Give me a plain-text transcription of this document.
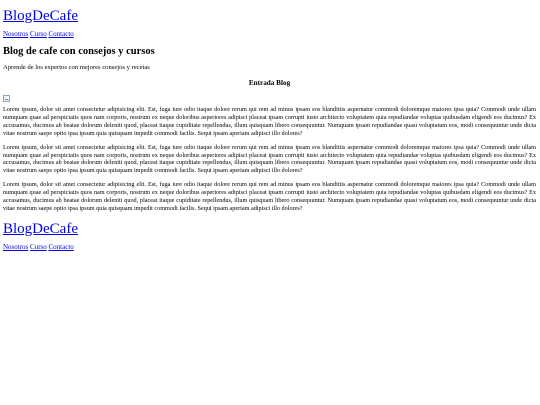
BlogDeCafe
Nosotros Curso Contacto
Blog de cafe con consejos y cursos

Aprende de los expertos con mejores consejos y recetas

Entrada Blog

Lorem ipsum, dolor sit amet consectetur adipisicing elit. Est, fuga iure odio itaque dolore rerum qui rem ad minus ipsam eos blanditiis aspernatur commodi doloremque maiores ipsa quia? Commodi unde ullam numquam quae ad perspiciatis quos nam corporis, nostrum ex neque doloribus asperiores adipisci placeat ipsam corrupti iusto architecto voluptatem quia repudiandae voluptas quibusdam eligendi eos ducimus? Ex accusamus, ducimus ab beatae dolorum deleniti quod, placeat itaque cupiditate repellendus, illum quisquam libero consequuntur. Numquam ipsam repudiandae quasi voluptatum eos, modi consequuntur unde dicta vitae nostrum saepe optio ipsa ipsum quia quisquam impedit commodi facilis. Sequi ipsam aperiam adipisci illo dolores?

Lorem ipsum, dolor sit amet consectetur adipisicing elit. Est, fuga iure odio itaque dolore rerum qui rem ad minus ipsam eos blanditiis aspernatur commodi doloremque maiores ipsa quia? Commodi unde ullam numquam quae ad perspiciatis quos nam corporis, nostrum ex neque doloribus asperiores adipisci placeat ipsam corrupti iusto architecto voluptatem quia repudiandae voluptas quibusdam eligendi eos ducimus? Ex accusamus, ducimus ab beatae dolorum deleniti quod, placeat itaque cupiditate repellendus, illum quisquam libero consequuntur. Numquam ipsam repudiandae quasi voluptatum eos, modi consequuntur unde dicta vitae nostrum saepe optio ipsa ipsum quia quisquam impedit commodi facilis. Sequi ipsam aperiam adipisci illo dolores?

Lorem ipsum, dolor sit amet consectetur adipisicing elit. Est, fuga iure odio itaque dolore rerum qui rem ad minus ipsam eos blanditiis aspernatur commodi doloremque maiores ipsa quia? Commodi unde ullam numquam quae ad perspiciatis quos nam corporis, nostrum ex neque doloribus asperiores adipisci placeat ipsam corrupti iusto architecto voluptatem quia repudiandae voluptas quibusdam eligendi eos ducimus? Ex accusamus, ducimus ab beatae dolorum deleniti quod, placeat itaque cupiditate repellendus, illum quisquam libero consequuntur. Numquam ipsam repudiandae quasi voluptatum eos, modi consequuntur unde dicta vitae nostrum saepe optio ipsa ipsum quia quisquam impedit commodi facilis. Sequi ipsam aperiam adipisci illo dolores?

BlogDeCafe
Nosotros Curso Contacto
